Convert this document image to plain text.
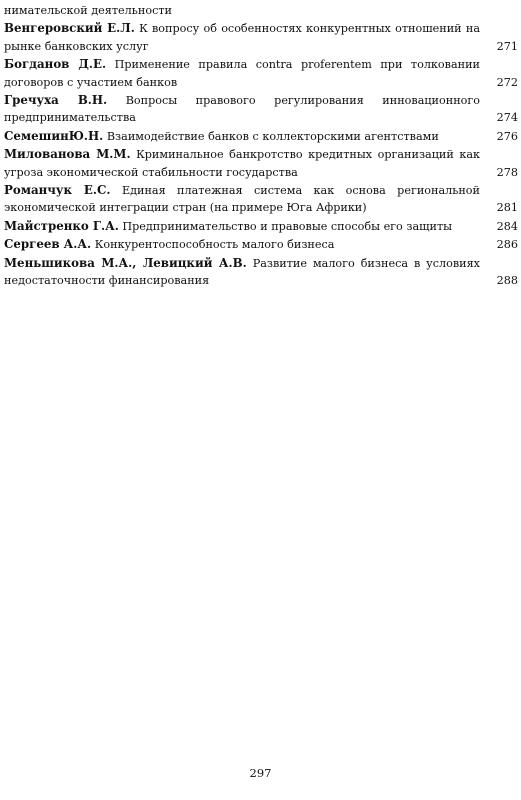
нимательской деятельности
Венгеровский Е.Л. К вопросу об особенностях конкурентных отношений на рынке банковских услуг	271
Богданов Д.Е. Применение правила contra proferentem при толковании договоров с участием банков	272
Гречуха В.Н. Вопросы правового регулирования инновационного предпринимательства	274
СемешинЮ.Н. Взаимодействие банков с коллекторскими агентствами	276
Милованова М.М. Криминальное банкротство кредитных организаций как угроза экономической стабильности государства	278
Романчук Е.С. Единая платежная система как основа региональной экономической интеграции стран (на примере Юга Африки)	281
Майстренко Г.А. Предпринимательство и правовые способы его защиты	284
Сергеев А.А. Конкурентоспособность малого бизнеса	286
Меньшикова М.А., Левицкий А.В. Развитие малого бизнеса в условиях недостаточности финансирования	288
297
